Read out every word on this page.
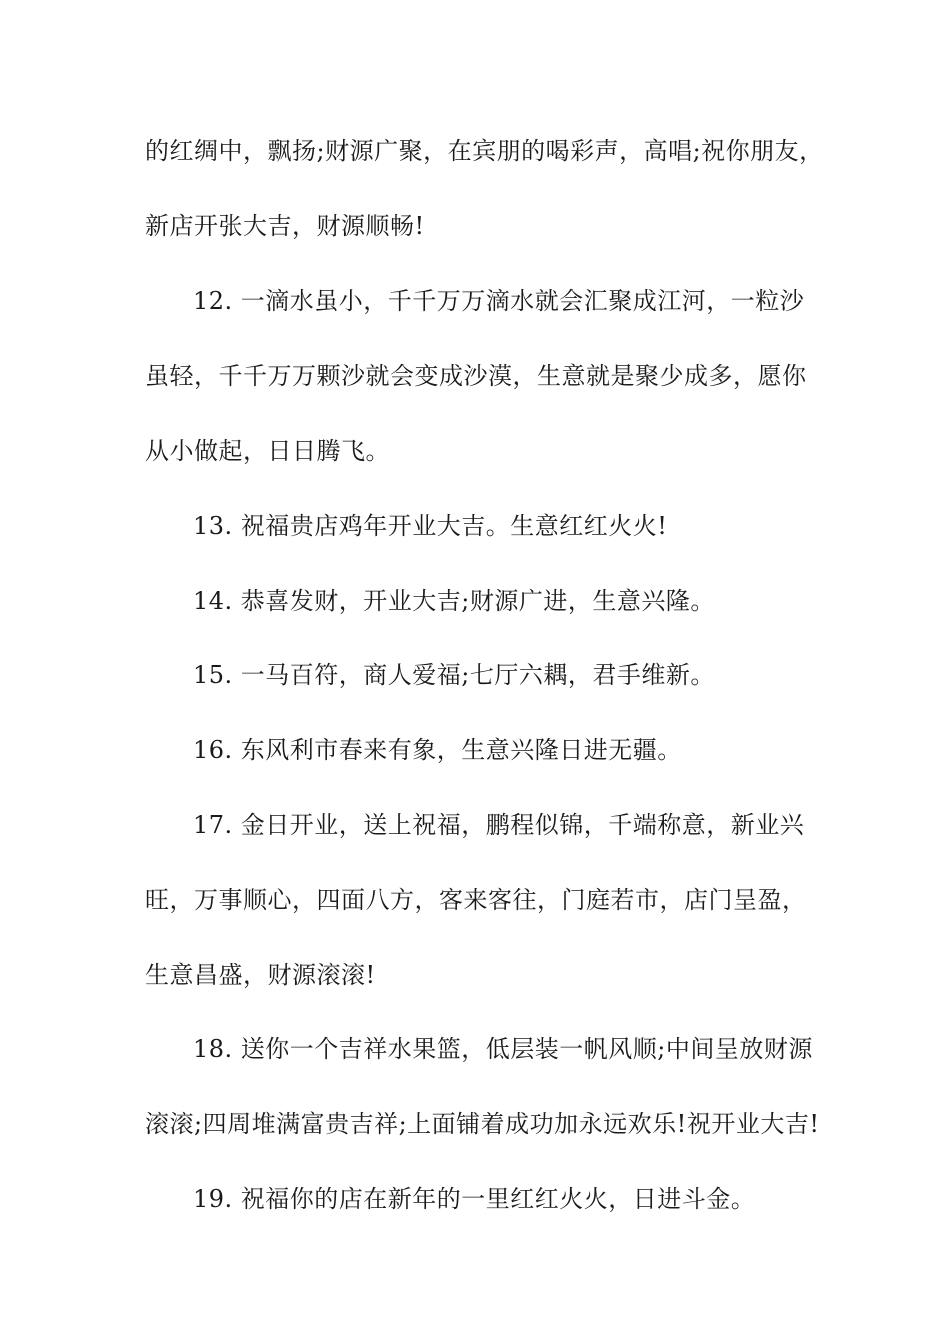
的红绸中，飘扬;财源广聚，在宾朋的喝彩声，高唱;祝你朋友，
新店开张大吉，财源顺畅!
12. 一滴水虽小，千千万万滴水就会汇聚成江河，一粒沙
虽轻，千千万万颗沙就会变成沙漠，生意就是聚少成多，愿你
从小做起，日日腾飞。
13. 祝福贵店鸡年开业大吉。生意红红火火!
14. 恭喜发财，开业大吉;财源广进，生意兴隆。
15. 一马百符，商人爱福;七厅六耦，君手维新。
16. 东风利市春来有象，生意兴隆日进无疆。
17. 金日开业，送上祝福，鹏程似锦，千端称意，新业兴
旺，万事顺心，四面八方，客来客往，门庭若市，店门呈盈，
生意昌盛，财源滚滚!
18. 送你一个吉祥水果篮，低层装一帆风顺;中间呈放财源
滚滚;四周堆满富贵吉祥;上面铺着成功加永远欢乐!祝开业大吉!
19. 祝福你的店在新年的一里红红火火，日进斗金。
